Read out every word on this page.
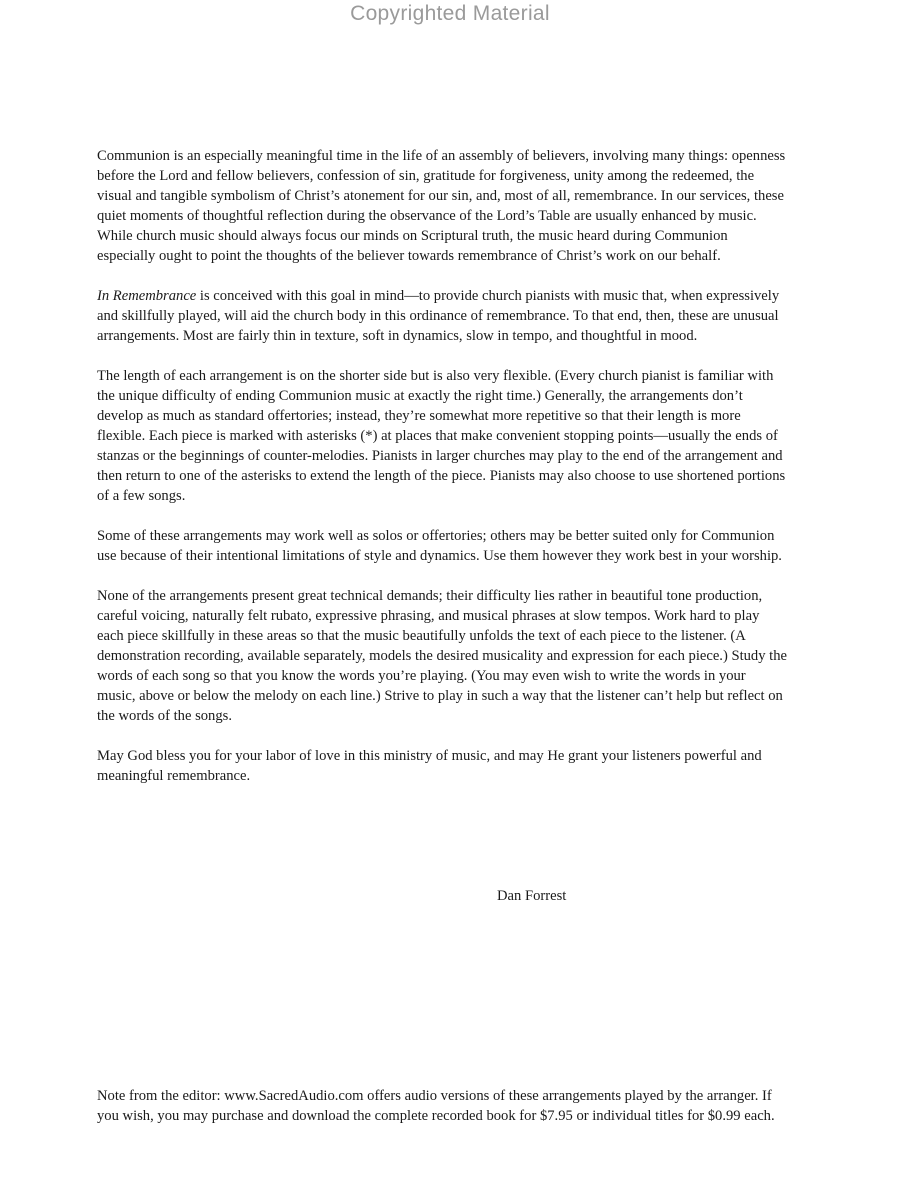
Copyrighted Material

Communion is an especially meaningful time in the life of an assembly of believers, involving many things: openness before the Lord and fellow believers, confession of sin, gratitude for forgiveness, unity among the redeemed, the visual and tangible symbolism of Christ’s atonement for our sin, and, most of all, remembrance. In our services, these quiet moments of thoughtful reflection during the observance of the Lord’s Table are usually enhanced by music. While church music should always focus our minds on Scriptural truth, the music heard during Communion especially ought to point the thoughts of the believer towards remembrance of Christ’s work on our behalf.

In Remembrance is conceived with this goal in mind—to provide church pianists with music that, when expressively and skillfully played, will aid the church body in this ordinance of remembrance. To that end, then, these are unusual arrangements. Most are fairly thin in texture, soft in dynamics, slow in tempo, and thoughtful in mood.

The length of each arrangement is on the shorter side but is also very flexible. (Every church pianist is familiar with the unique difficulty of ending Communion music at exactly the right time.) Generally, the arrangements don’t develop as much as standard offertories; instead, they’re somewhat more repetitive so that their length is more flexible. Each piece is marked with asterisks (*) at places that make convenient stopping points—usually the ends of stanzas or the beginnings of counter-melodies. Pianists in larger churches may play to the end of the arrangement and then return to one of the asterisks to extend the length of the piece. Pianists may also choose to use shortened portions of a few songs.

Some of these arrangements may work well as solos or offertories; others may be better suited only for Communion use because of their intentional limitations of style and dynamics. Use them however they work best in your worship.

None of the arrangements present great technical demands; their difficulty lies rather in beautiful tone production, careful voicing, naturally felt rubato, expressive phrasing, and musical phrases at slow tempos. Work hard to play each piece skillfully in these areas so that the music beautifully unfolds the text of each piece to the listener. (A demonstration recording, available separately, models the desired musicality and expression for each piece.) Study the words of each song so that you know the words you’re playing. (You may even wish to write the words in your music, above or below the melody on each line.) Strive to play in such a way that the listener can’t help but reflect on the words of the songs.

May God bless you for your labor of love in this ministry of music, and may He grant your listeners powerful and meaningful remembrance.

Dan Forrest

Note from the editor: www.SacredAudio.com offers audio versions of these arrangements played by the arranger. If you wish, you may purchase and download the complete recorded book for $7.95 or individual titles for $0.99 each.
